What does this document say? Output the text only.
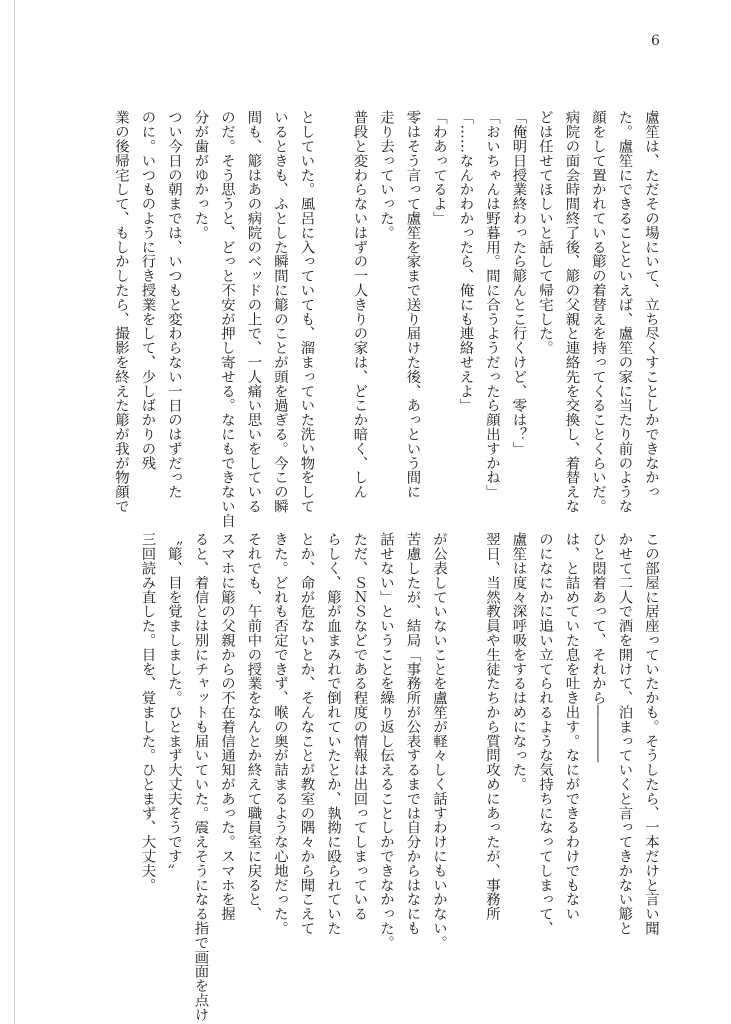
6
盧笙は、ただその場にいて、立ち尽くすことしかできなかっ
た。盧笙にできることといえば、盧笙の家に当たり前のような
顔をして置かれている簓の着替えを持ってくることくらいだ。
病院の面会時間終了後、簓の父親と連絡先を交換し、着替えな
どは任せてほしいと話して帰宅した。
「俺明日授業終わったら簓んとこ行くけど、零は？」
「おいちゃんは野暮用。間に合うようだったら顔出すかね」
「……なんかわかったら、俺にも連絡せえよ」
「わあってるよ」
零はそう言って盧笙を家まで送り届けた後、あっという間に
走り去っていった。
普段と変わらないはずの一人きりの家は、どこか暗く、しん
としていた。風呂に入っていても、溜まっていた洗い物をして
いるときも、ふとした瞬間に簓のことが頭を過ぎる。今この瞬
間も、簓はあの病院のベッドの上で、一人痛い思いをしている
のだ。そう思うと、どっと不安が押し寄せる。なにもできない自
分が歯がゆかった。
つい今日の朝までは、いつもと変わらない一日のはずだった
のに。いつものように行き授業をして、少しばかりの残
業の後帰宅して、もしかしたら、撮影を終えた簓が我が物顔で
この部屋に居座っていたかも。そうしたら、一本だけと言い聞
かせて二人で酒を開けて、泊まっていくと言ってきかない簓と
ひと悶着あって、それから――――
は、と詰めていた息を吐き出す。なにができるわけでもない
のになにかに追い立てられるような気持ちになってしまって、
盧笙は度々深呼吸をするはめになった。
翌日、当然教員や生徒たちから質問攻めにあったが、事務所
が公表していないことを盧笙が軽々しく話すわけにもいかない。
苦慮したが、結局「事務所が公表するまでは自分からはなにも
話せない」ということを繰り返し伝えることしかできなかった。
ただ、ＳＮＳなどである程度の情報は出回ってしまっている
らしく、簓が血まみれで倒れていたとか、執拗に殴られていた
とか、命が危ないとか、そんなことが教室の隅々から聞こえて
きた。どれも否定できず、喉の奥が詰まるような心地だった。
それでも、午前中の授業をなんとか終えて職員室に戻ると、
スマホに簓の父親からの不在着信通知があった。スマホを握
ると、着信とは別にチャットも届いていた。震えそうになる指で画面を点け
〝簓、目を覚ましました。ひとまず大丈夫そうです〟
三回読み直した。目を、覚ました。ひとまず、大丈夫。
